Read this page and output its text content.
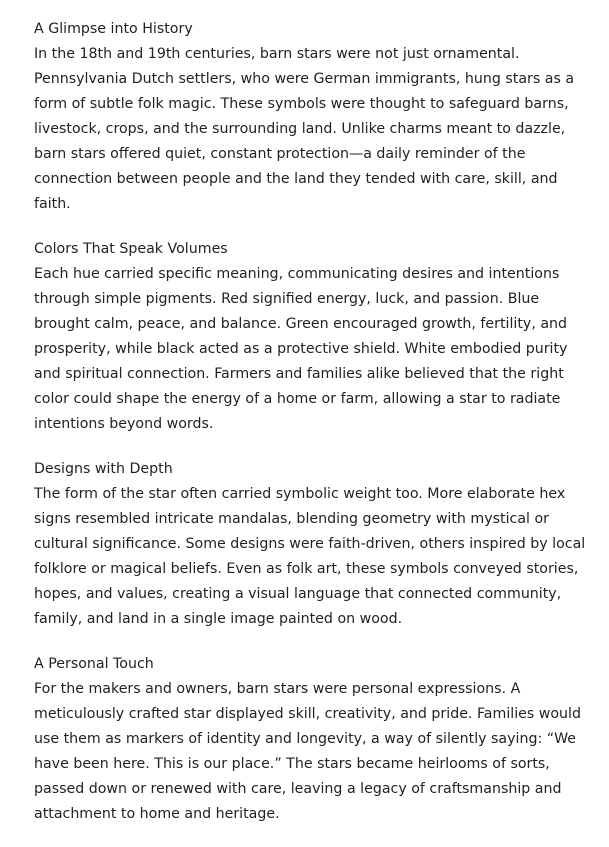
A Glimpse into History

In the 18th and 19th centuries, barn stars were not just ornamental. Pennsylvania Dutch settlers, who were German immigrants, hung stars as a form of subtle folk magic. These symbols were thought to safeguard barns, livestock, crops, and the surrounding land. Unlike charms meant to dazzle, barn stars offered quiet, constant protection—a daily reminder of the connection between people and the land they tended with care, skill, and faith.

Colors That Speak Volumes

Each hue carried specific meaning, communicating desires and intentions through simple pigments. Red signified energy, luck, and passion. Blue brought calm, peace, and balance. Green encouraged growth, fertility, and prosperity, while black acted as a protective shield. White embodied purity and spiritual connection. Farmers and families alike believed that the right color could shape the energy of a home or farm, allowing a star to radiate intentions beyond words.

Designs with Depth

The form of the star often carried symbolic weight too. More elaborate hex signs resembled intricate mandalas, blending geometry with mystical or cultural significance. Some designs were faith-driven, others inspired by local folklore or magical beliefs. Even as folk art, these symbols conveyed stories, hopes, and values, creating a visual language that connected community, family, and land in a single image painted on wood.

A Personal Touch

For the makers and owners, barn stars were personal expressions. A meticulously crafted star displayed skill, creativity, and pride. Families would use them as markers of identity and longevity, a way of silently saying: “We have been here. This is our place.” The stars became heirlooms of sorts, passed down or renewed with care, leaving a legacy of craftsmanship and attachment to home and heritage.
